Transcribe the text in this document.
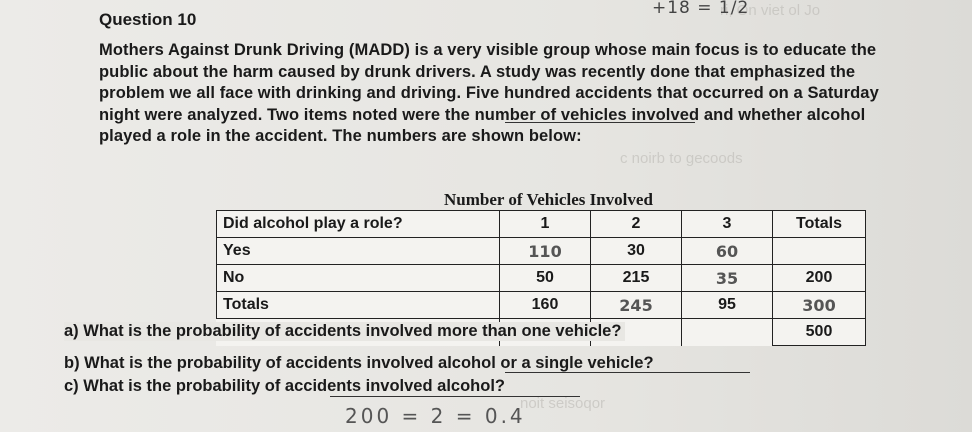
ri, On viet ol Jo
c noirb to gecoods
noit seisoqor
+18 = 1/2
Question 10
Mothers Against Drunk Driving (MADD) is a very visible group whose main focus is to educate the
public about the harm caused by drunk drivers. A study was recently done that emphasized the
problem we all face with drinking and driving. Five hundred accidents that occurred on a Saturday
night were analyzed. Two items noted were the number of vehicles involved and whether alcohol
played a role in the accident. The numbers are shown below:
Number of Vehicles Involved
Did alcohol play a role?	1	2	3	Totals
Yes	110	30	60	
No	50	215	35	200
Totals	160	245	95	300
				500
a) What is the probability of accidents involved more than one vehicle?
b) What is the probability of accidents involved alcohol or a single vehicle?
c) What is the probability of accidents involved alcohol?
200 = 2 = 0.4
